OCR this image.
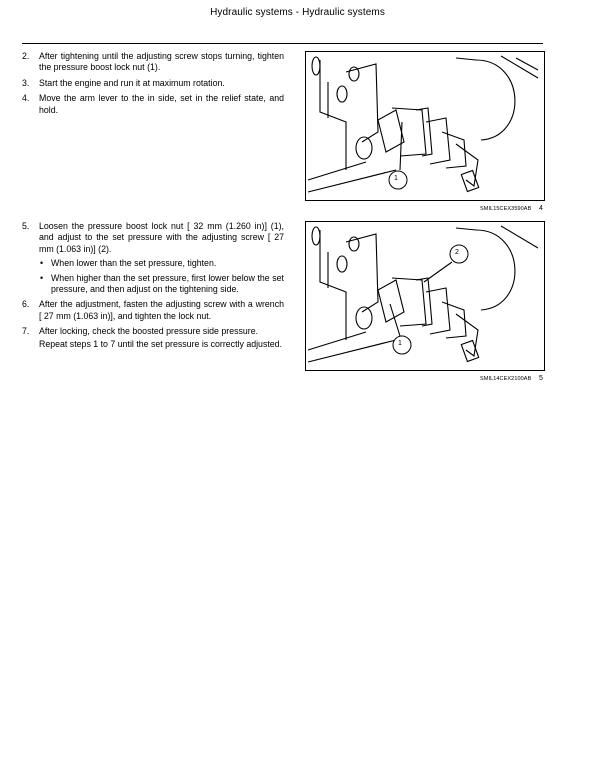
Hydraulic systems - Hydraulic systems
2. After tightening until the adjusting screw stops turning, tighten the pressure boost lock nut (1).
3. Start the engine and run it at maximum rotation.
4. Move the arm lever to the in side, set in the relief state, and hold.
5. Loosen the pressure boost lock nut [ 32 mm (1.260 in)] (1), and adjust to the set pressure with the adjusting screw [ 27 mm (1.063 in)] (2).
• When lower than the set pressure, tighten.
• When higher than the set pressure, first lower below the set pressure, and then adjust on the tightening side.
6. After the adjustment, fasten the adjusting screw with a wrench [ 27 mm (1.063 in)], and tighten the lock nut.
7. After locking, check the boosted pressure side pressure.
Repeat steps 1 to 7 until the set pressure is correctly adjusted.
1
SMIL15CEX3590AB 4
1
2
SMIL14CEX2100AB 5
